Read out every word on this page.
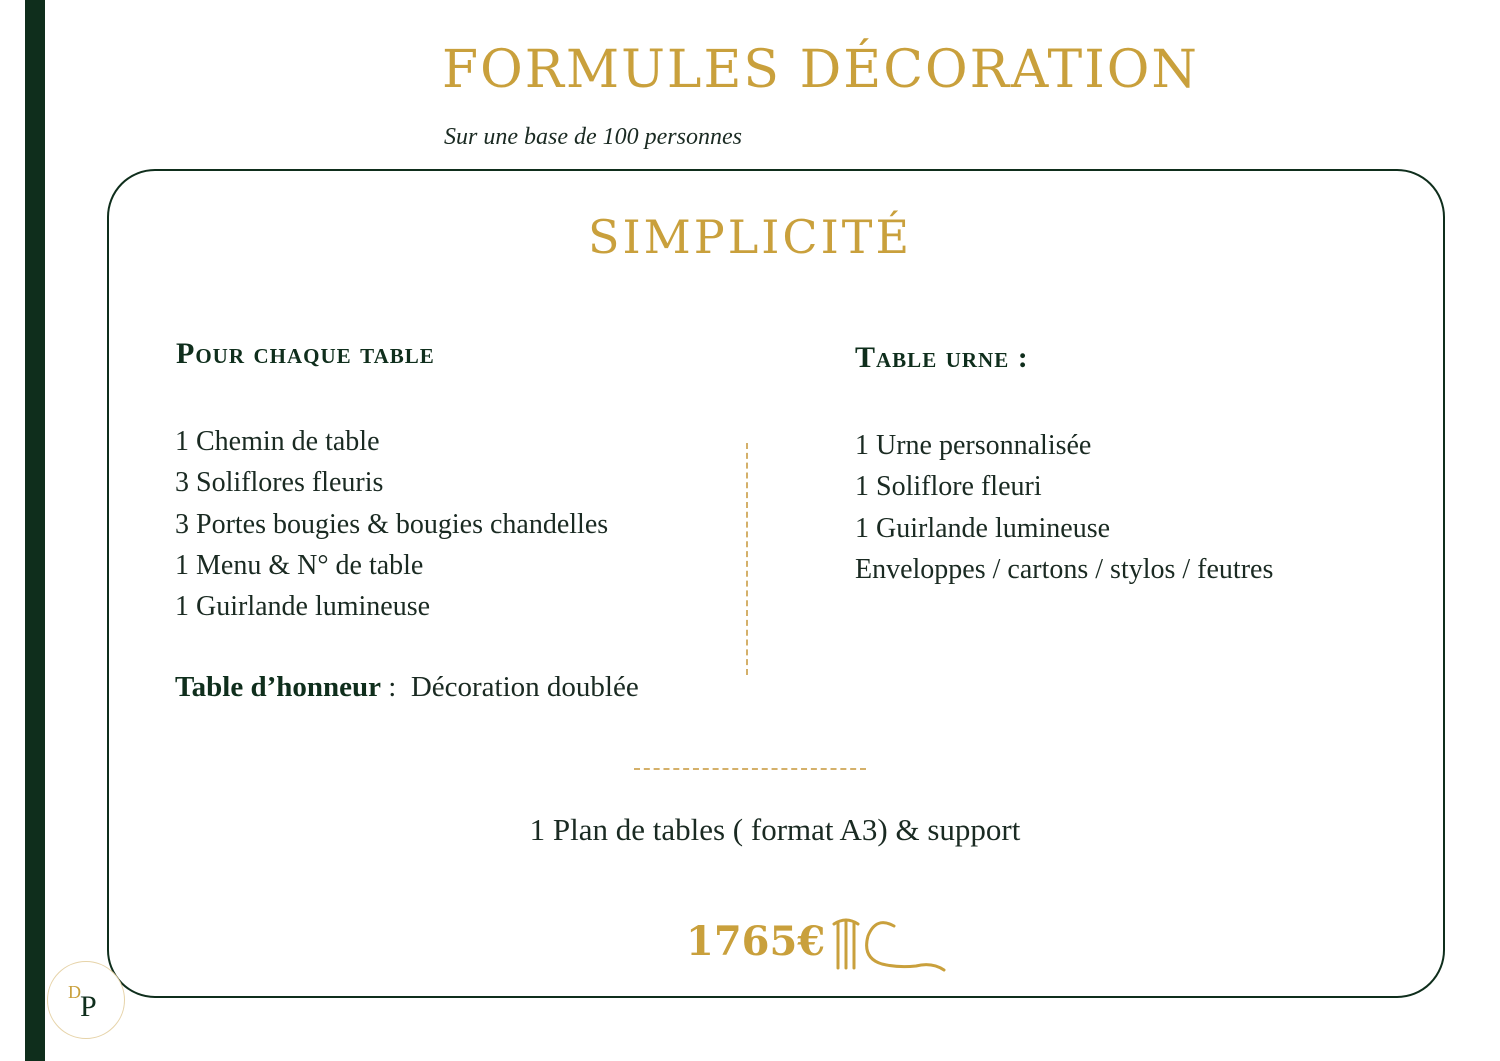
FORMULES DÉCORATION
Sur une base de 100 personnes
SIMPLICITÉ
Pour chaque table
1 Chemin de table
3 Soliflores fleuris
3 Portes bougies & bougies chandelles
1 Menu & N° de table
1 Guirlande lumineuse
Table d’honneur :  Décoration doublée
Table urne :
1 Urne personnalisée
1 Soliflore fleuri
1 Guirlande lumineuse
Enveloppes / cartons / stylos / feutres
1 Plan de tables ( format A3) & support
1765€
D P
